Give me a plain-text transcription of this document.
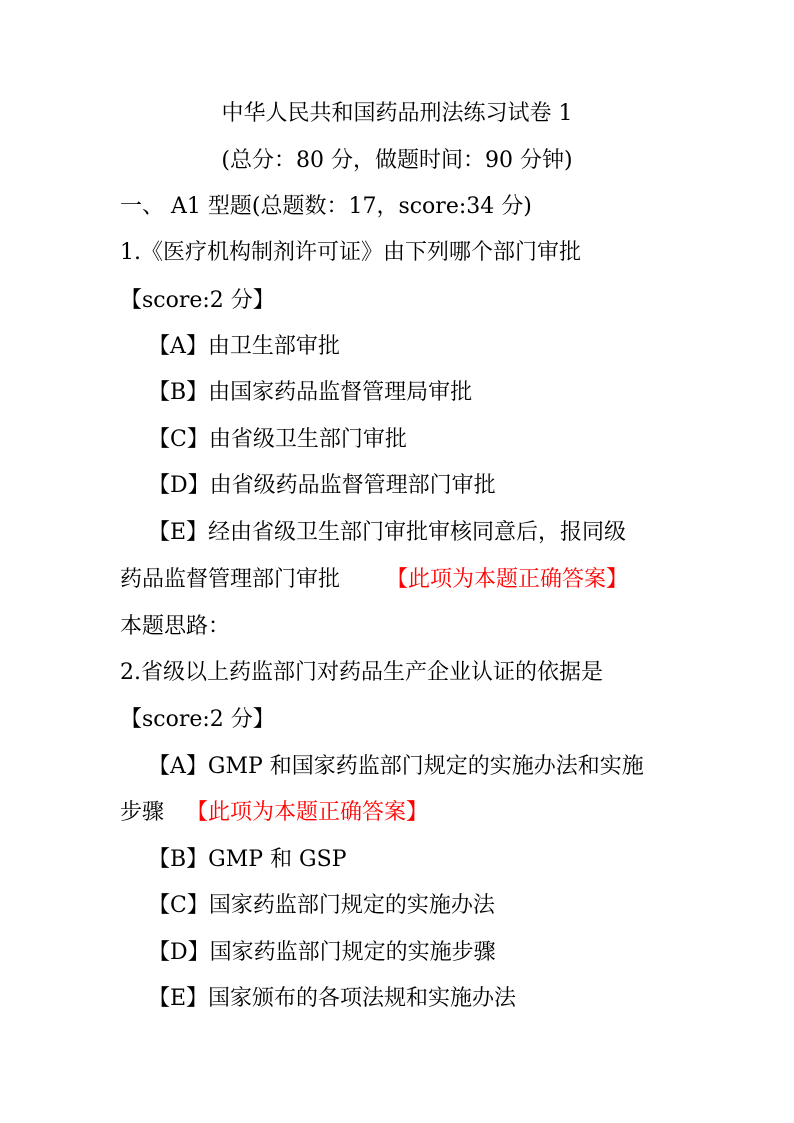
中华人民共和国药品刑法练习试卷 1
(总分：80 分，做题时间：90 分钟)
一、 A1 型题(总题数：17，score:34 分)
1.《医疗机构制剂许可证》由下列哪个部门审批
【score:2 分】
【A】由卫生部审批
【B】由国家药品监督管理局审批
【C】由省级卫生部门审批
【D】由省级药品监督管理部门审批
【E】经由省级卫生部门审批审核同意后，报同级
药品监督管理部门审批 【此项为本题正确答案】
本题思路：
2.省级以上药监部门对药品生产企业认证的依据是
【score:2 分】
【A】GMP 和国家药监部门规定的实施办法和实施
步骤 【此项为本题正确答案】
【B】GMP 和 GSP
【C】国家药监部门规定的实施办法
【D】国家药监部门规定的实施步骤
【E】国家颁布的各项法规和实施办法
